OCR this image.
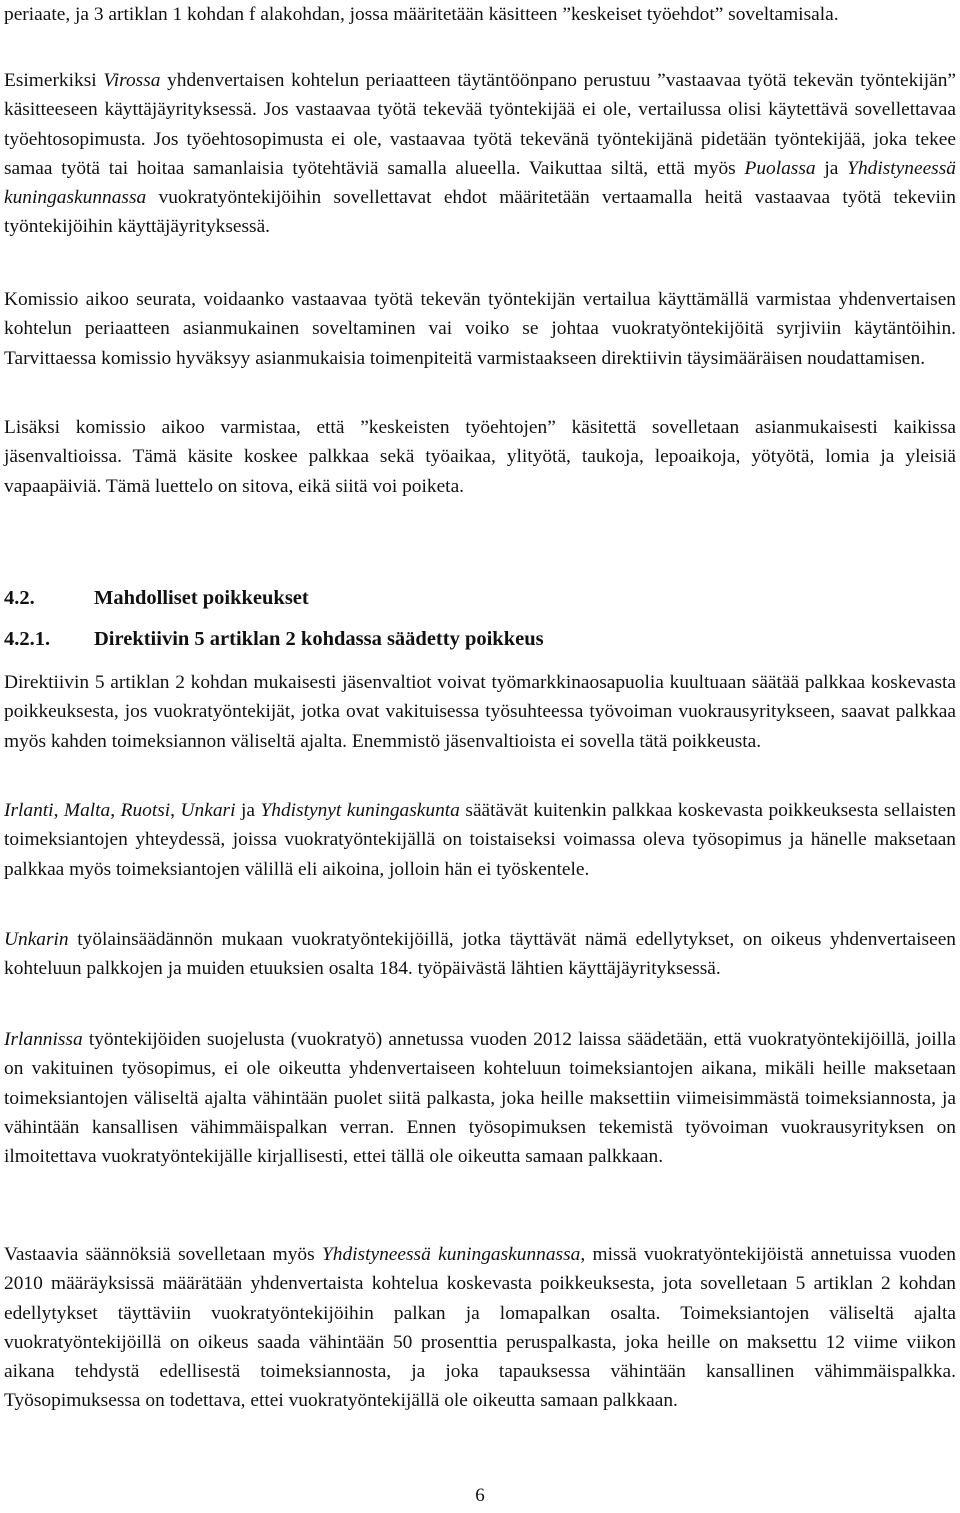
periaate, ja 3 artiklan 1 kohdan f alakohdan, jossa määritetään käsitteen ”keskeiset työehdot” soveltamisala.

Esimerkiksi Virossa yhdenvertaisen kohtelun periaatteen täytäntöönpano perustuu ”vastaavaa työtä tekevän työntekijän” käsitteeseen käyttäjäyrityksessä. Jos vastaavaa työtä tekevää työntekijää ei ole, vertailussa olisi käytettävä sovellettavaa työehtosopimusta. Jos työehtosopimusta ei ole, vastaavaa työtä tekevänä työntekijänä pidetään työntekijää, joka tekee samaa työtä tai hoitaa samanlaisia työtehtäviä samalla alueella. Vaikuttaa siltä, että myös Puolassa ja Yhdistyneessä kuningaskunnassa vuokratyöntekijöihin sovellettavat ehdot määritetään vertaamalla heitä vastaavaa työtä tekeviin työntekijöihin käyttäjäyrityksessä.

Komissio aikoo seurata, voidaanko vastaavaa työtä tekevän työntekijän vertailua käyttämällä varmistaa yhdenvertaisen kohtelun periaatteen asianmukainen soveltaminen vai voiko se johtaa vuokratyöntekijöitä syrjiviin käytäntöihin. Tarvittaessa komissio hyväksyy asianmukaisia toimenpiteitä varmistaakseen direktiivin täysimääräisen noudattamisen.

Lisäksi komissio aikoo varmistaa, että ”keskeisten työehtojen” käsitettä sovelletaan asianmukaisesti kaikissa jäsenvaltioissa. Tämä käsite koskee palkkaa sekä työaikaa, ylityötä, taukoja, lepoaikoja, yötyötä, lomia ja yleisiä vapaapäiviä. Tämä luettelo on sitova, eikä siitä voi poiketa.

4.2.	Mahdolliset poikkeukset
4.2.1. Direktiivin 5 artiklan 2 kohdassa säädetty poikkeus

Direktiivin 5 artiklan 2 kohdan mukaisesti jäsenvaltiot voivat työmarkkinaosapuolia kuultuaan säätää palkkaa koskevasta poikkeuksesta, jos vuokratyöntekijät, jotka ovat vakituisessa työsuhteessa työvoiman vuokrausyritykseen, saavat palkkaa myös kahden toimeksiannon väliseltä ajalta. Enemmistö jäsenvaltioista ei sovella tätä poikkeusta.

Irlanti, Malta, Ruotsi, Unkari ja Yhdistynyt kuningaskunta säätävät kuitenkin palkkaa koskevasta poikkeuksesta sellaisten toimeksiantojen yhteydessä, joissa vuokratyöntekijällä on toistaiseksi voimassa oleva työsopimus ja hänelle maksetaan palkkaa myös toimeksiantojen välillä eli aikoina, jolloin hän ei työskentele.

Unkarin työlainsäädännön mukaan vuokratyöntekijöillä, jotka täyttävät nämä edellytykset, on oikeus yhdenvertaiseen kohteluun palkkojen ja muiden etuuksien osalta 184. työpäivästä lähtien käyttäjäyrityksessä.

Irlannissa työntekijöiden suojelusta (vuokratyö) annetussa vuoden 2012 laissa säädetään, että vuokratyöntekijöillä, joilla on vakituinen työsopimus, ei ole oikeutta yhdenvertaiseen kohteluun toimeksiantojen aikana, mikäli heille maksetaan toimeksiantojen väliseltä ajalta vähintään puolet siitä palkasta, joka heille maksettiin viimeisimmästä toimeksiannosta, ja vähintään kansallisen vähimmäispalkan verran. Ennen työsopimuksen tekemistä työvoiman vuokrausyrityksen on ilmoitettava vuokratyöntekijälle kirjallisesti, ettei tällä ole oikeutta samaan palkkaan.

Vastaavia säännöksiä sovelletaan myös Yhdistyneessä kuningaskunnassa, missä vuokratyöntekijöistä annetuissa vuoden 2010 määräyksissä määrätään yhdenvertaista kohtelua koskevasta poikkeuksesta, jota sovelletaan 5 artiklan 2 kohdan edellytykset täyttäviin vuokratyöntekijöihin palkan ja lomapalkan osalta. Toimeksiantojen väliseltä ajalta vuokratyöntekijöillä on oikeus saada vähintään 50 prosenttia peruspalkasta, joka heille on maksettu 12 viime viikon aikana tehdystä edellisestä toimeksiannosta, ja joka tapauksessa vähintään kansallinen vähimmäispalkka. Työsopimuksessa on todettava, ettei vuokratyöntekijällä ole oikeutta samaan palkkaan.

6
